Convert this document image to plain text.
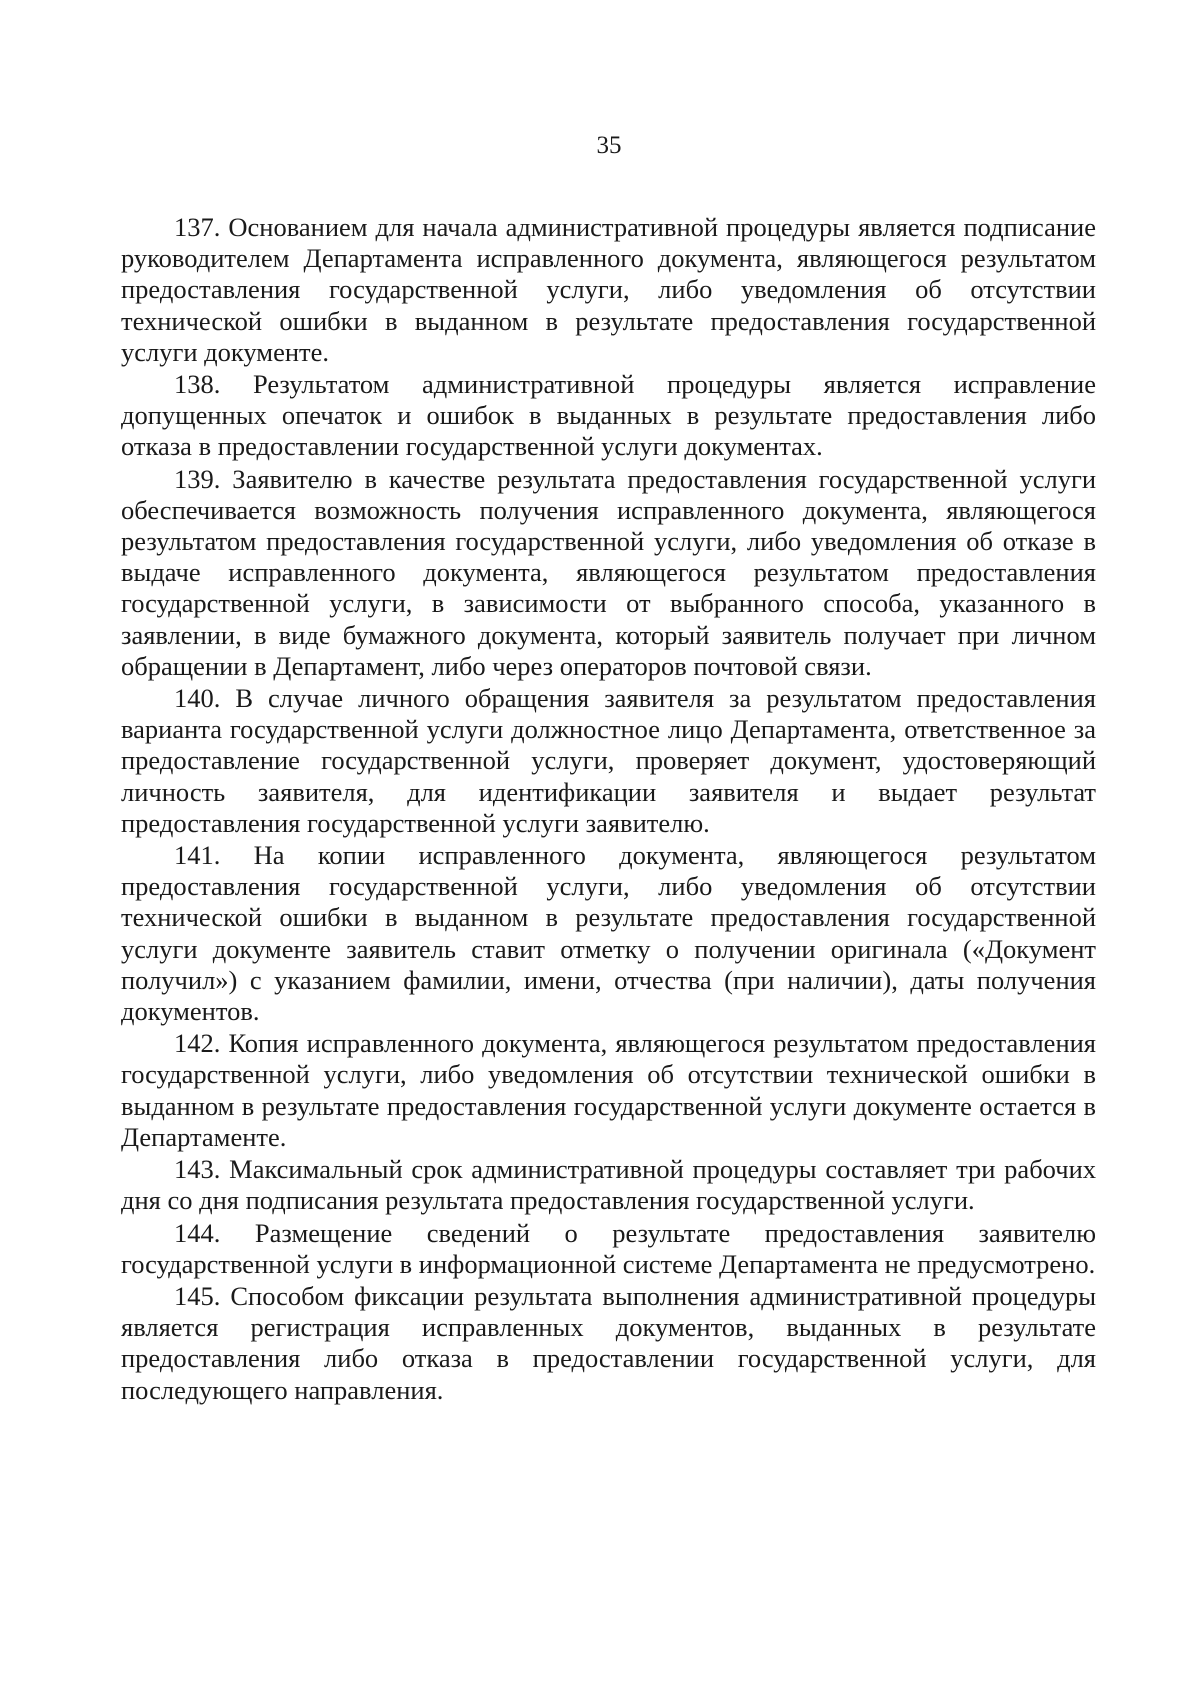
35

137. Основанием для начала административной процедуры является подписание руководителем Департамента исправленного документа, являющегося результатом предоставления государственной услуги, либо уведомления об отсутствии технической ошибки в выданном в результате предоставления государственной услуги документе.

138. Результатом административной процедуры является исправление допущенных опечаток и ошибок в выданных в результате предоставления либо отказа в предоставлении государственной услуги документах.

139. Заявителю в качестве результата предоставления государственной услуги обеспечивается возможность получения исправленного документа, являющегося результатом предоставления государственной услуги, либо уведомления об отказе в выдаче исправленного документа, являющегося результатом предоставления государственной услуги, в зависимости от выбранного способа, указанного в заявлении, в виде бумажного документа, который заявитель получает при личном обращении в Департамент, либо через операторов почтовой связи.

140. В случае личного обращения заявителя за результатом предоставления варианта государственной услуги должностное лицо Департамента, ответственное за предоставление государственной услуги, проверяет документ, удостоверяющий личность заявителя, для идентификации заявителя и выдает результат предоставления государственной услуги заявителю.

141. На копии исправленного документа, являющегося результатом предоставления государственной услуги, либо уведомления об отсутствии технической ошибки в выданном в результате предоставления государственной услуги документе заявитель ставит отметку о получении оригинала («Документ получил») с указанием фамилии, имени, отчества (при наличии), даты получения документов.

142. Копия исправленного документа, являющегося результатом предоставления государственной услуги, либо уведомления об отсутствии технической ошибки в выданном в результате предоставления государственной услуги документе остается в Департаменте.

143. Максимальный срок административной процедуры составляет три рабочих дня со дня подписания результата предоставления государственной услуги.

144. Размещение сведений о результате предоставления заявителю государственной услуги в информационной системе Департамента не предусмотрено.

145. Способом фиксации результата выполнения административной процедуры является регистрация исправленных документов, выданных в результате предоставления либо отказа в предоставлении государственной услуги, для последующего направления.
